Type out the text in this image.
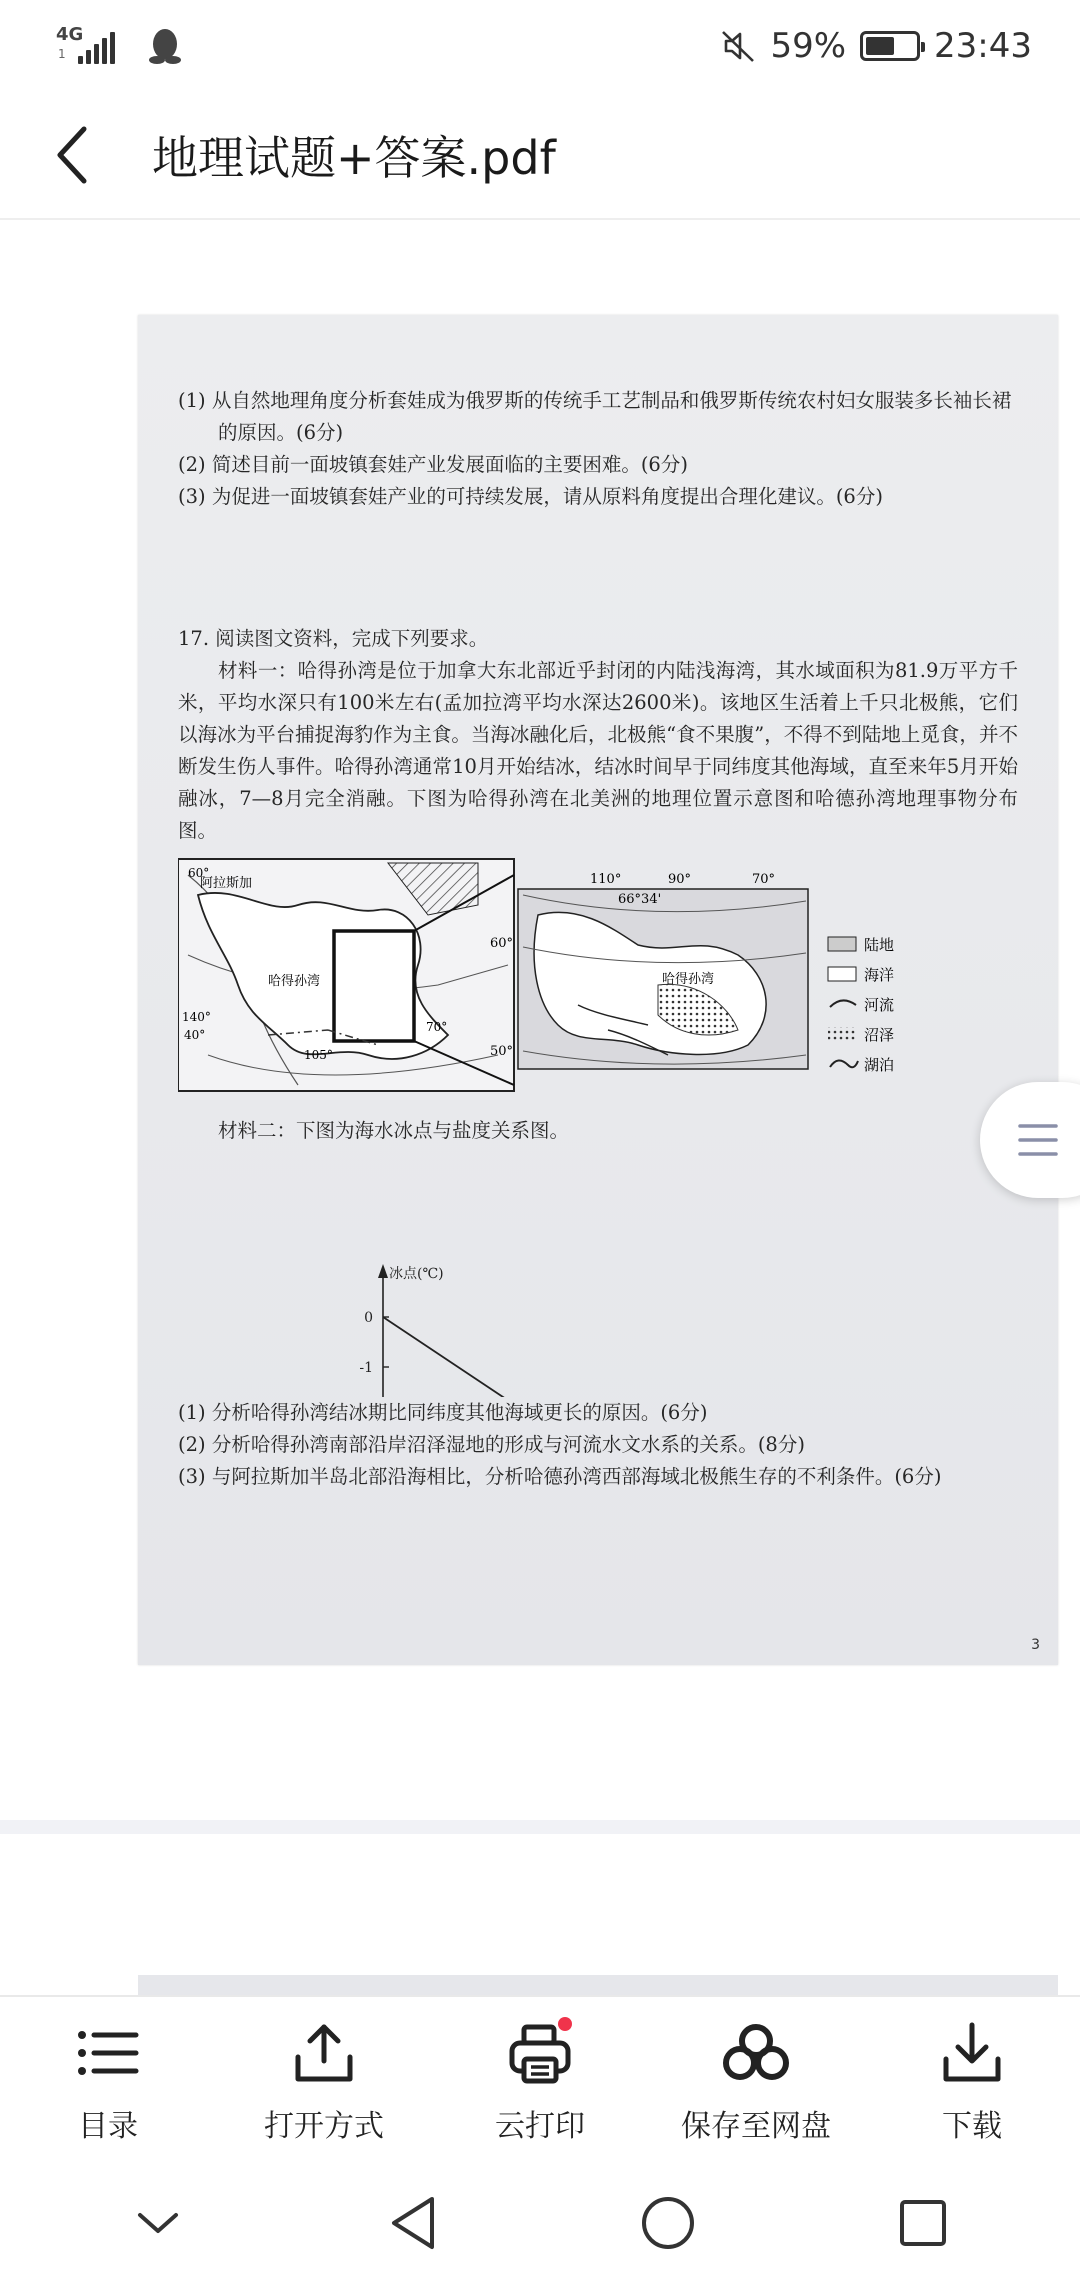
4G
1	59%	23:43
地理试题+答案.pdf

(1) 从自然地理角度分析套娃成为俄罗斯的传统手工艺制品和俄罗斯传统农村妇女服装多长袖长裙

的原因。(6分)

(2) 简述目前一面坡镇套娃产业发展面临的主要困难。(6分)

(3) 为促进一面坡镇套娃产业的可持续发展，请从原料角度提出合理化建议。(6分)

17. 阅读图文资料，完成下列要求。

材料一：哈得孙湾是位于加拿大东北部近乎封闭的内陆浅海湾，其水域面积为81.9万平方千米，平均水深只有100米左右(孟加拉湾平均水深达2600米)。该地区生活着上千只北极熊，它们以海冰为平台捕捉海豹作为主食。当海冰融化后，北极熊“食不果腹”，不得不到陆地上觅食，并不断发生伤人事件。哈得孙湾通常10月开始结冰，结冰时间早于同纬度其他海域，直至来年5月开始融冰，7—8月完全消融。下图为哈得孙湾在北美洲的地理位置示意图和哈德孙湾地理事物分布图。

阿拉斯加
60°
哈得孙湾
140°
40°
105°
70°
110°	90°	70°
66°34'
60°
50°
哈得孙湾
陆地
海洋
河流
沼泽
湖泊

材料二：下图为海水冰点与盐度关系图。

0
-1
冰点(℃)

(1) 分析哈得孙湾结冰期比同纬度其他海域更长的原因。(6分)

(2) 分析哈得孙湾南部沿岸沼泽湿地的形成与河流水文水系的关系。(8分)

(3) 与阿拉斯加半岛北部沿海相比，分析哈德孙湾西部海域北极熊生存的不利条件。(6分)

3
目录	打开方式	云打印	保存至网盘	下载
